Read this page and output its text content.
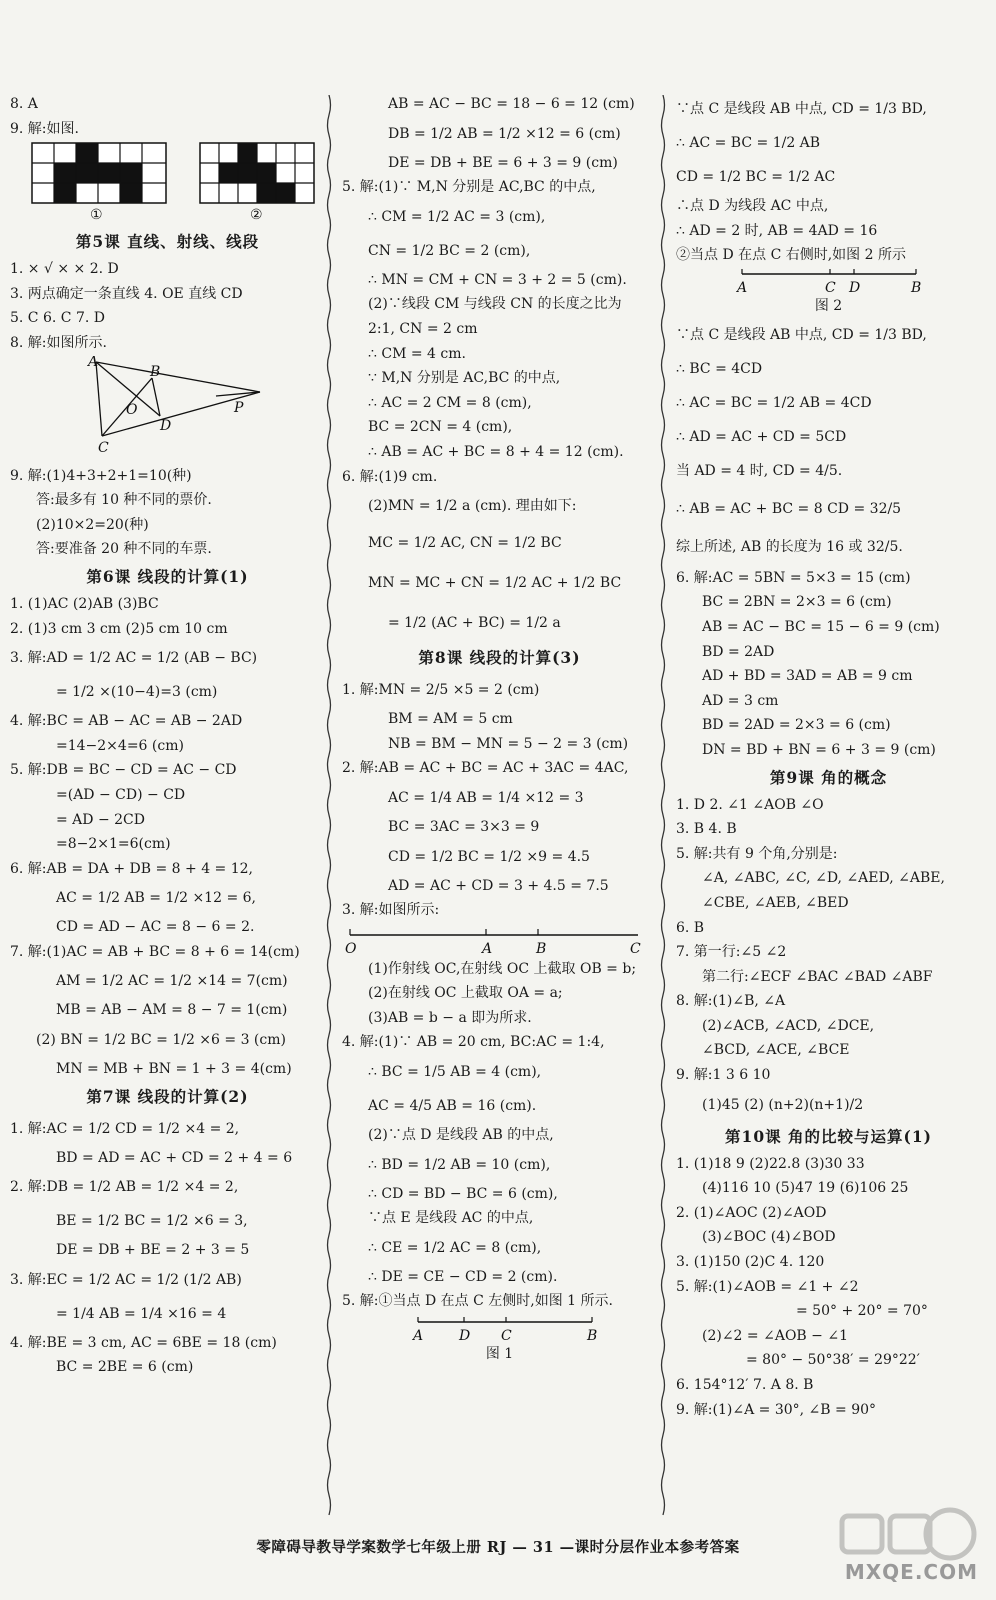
8. A
9. 解:如图.
①	②
第5课 直线、射线、线段
1. × √ × × 2. D
3. 两点确定一条直线 4. OE 直线 CD
5. C 6. C 7. D
8. 解:如图所示.
A
B
O
D
P
C
9. 解:(1)4+3+2+1=10(种)
答:最多有 10 种不同的票价.
(2)10×2=20(种)
答:要准备 20 种不同的车票.
第6课 线段的计算(1)
1. (1)AC (2)AB (3)BC
2. (1)3 cm 3 cm (2)5 cm 10 cm
3. 解:AD = 1/2 AC = 1/2 (AB − BC)
= 1/2 ×(10−4)=3 (cm)
4. 解:BC = AB − AC = AB − 2AD
=14−2×4=6 (cm)
5. 解:DB = BC − CD = AC − CD
=(AD − CD) − CD
= AD − 2CD
=8−2×1=6(cm)
6. 解:AB = DA + DB = 8 + 4 = 12,
AC = 1/2 AB = 1/2 ×12 = 6,
CD = AD − AC = 8 − 6 = 2.
7. 解:(1)AC = AB + BC = 8 + 6 = 14(cm)
AM = 1/2 AC = 1/2 ×14 = 7(cm)
MB = AB − AM = 8 − 7 = 1(cm)
(2) BN = 1/2 BC = 1/2 ×6 = 3 (cm)
MN = MB + BN = 1 + 3 = 4(cm)
第7课 线段的计算(2)
1. 解:AC = 1/2 CD = 1/2 ×4 = 2,
BD = AD = AC + CD = 2 + 4 = 6
2. 解:DB = 1/2 AB = 1/2 ×4 = 2,
BE = 1/2 BC = 1/2 ×6 = 3,
DE = DB + BE = 2 + 3 = 5
3. 解:EC = 1/2 AC = 1/2 (1/2 AB)
= 1/4 AB = 1/4 ×16 = 4
4. 解:BE = 3 cm, AC = 6BE = 18 (cm)
BC = 2BE = 6 (cm)
AB = AC − BC = 18 − 6 = 12 (cm)
DB = 1/2 AB = 1/2 ×12 = 6 (cm)
DE = DB + BE = 6 + 3 = 9 (cm)
5. 解:(1)∵ M,N 分别是 AC,BC 的中点,
∴ CM = 1/2 AC = 3 (cm),
CN = 1/2 BC = 2 (cm),
∴ MN = CM + CN = 3 + 2 = 5 (cm).
(2)∵线段 CM 与线段 CN 的长度之比为
2:1, CN = 2 cm
∴ CM = 4 cm.
∵ M,N 分别是 AC,BC 的中点,
∴ AC = 2 CM = 8 (cm),
BC = 2CN = 4 (cm),
∴ AB = AC + BC = 8 + 4 = 12 (cm).
6. 解:(1)9 cm.
(2)MN = 1/2 a (cm). 理由如下:
MC = 1/2 AC, CN = 1/2 BC
MN = MC + CN = 1/2 AC + 1/2 BC
= 1/2 (AC + BC) = 1/2 a
第8课 线段的计算(3)
1. 解:MN = 2/5 ×5 = 2 (cm)
BM = AM = 5 cm
NB = BM − MN = 5 − 2 = 3 (cm)
2. 解:AB = AC + BC = AC + 3AC = 4AC,
AC = 1/4 AB = 1/4 ×12 = 3
BC = 3AC = 3×3 = 9
CD = 1/2 BC = 1/2 ×9 = 4.5
AD = AC + CD = 3 + 4.5 = 7.5
3. 解:如图所示:
O	A	B	C
(1)作射线 OC,在射线 OC 上截取 OB = b;
(2)在射线 OC 上截取 OA = a;
(3)AB = b − a 即为所求.
4. 解:(1)∵ AB = 20 cm, BC:AC = 1:4,
∴ BC = 1/5 AB = 4 (cm),
AC = 4/5 AB = 16 (cm).
(2)∵点 D 是线段 AB 的中点,
∴ BD = 1/2 AB = 10 (cm),
∴ CD = BD − BC = 6 (cm),
∵点 E 是线段 AC 的中点,
∴ CE = 1/2 AC = 8 (cm),
∴ DE = CE − CD = 2 (cm).
5. 解:①当点 D 在点 C 左侧时,如图 1 所示.
A	D C	B
图 1
∵点 C 是线段 AB 中点, CD = 1/3 BD,
∴ AC = BC = 1/2 AB
CD = 1/2 BC = 1/2 AC
∴点 D 为线段 AC 中点,
∴ AD = 2 时, AB = 4AD = 16
②当点 D 在点 C 右侧时,如图 2 所示
A	C D	B
图 2
∵点 C 是线段 AB 中点, CD = 1/3 BD,
∴ BC = 4CD
∴ AC = BC = 1/2 AB = 4CD
∴ AD = AC + CD = 5CD
当 AD = 4 时, CD = 4/5.
∴ AB = AC + BC = 8 CD = 32/5
综上所述, AB 的长度为 16 或 32/5.
6. 解:AC = 5BN = 5×3 = 15 (cm)
BC = 2BN = 2×3 = 6 (cm)
AB = AC − BC = 15 − 6 = 9 (cm)
BD = 2AD
AD + BD = 3AD = AB = 9 cm
AD = 3 cm
BD = 2AD = 2×3 = 6 (cm)
DN = BD + BN = 6 + 3 = 9 (cm)
第9课 角的概念
1. D 2. ∠1 ∠AOB ∠O
3. B 4. B
5. 解:共有 9 个角,分别是:
∠A, ∠ABC, ∠C, ∠D, ∠AED, ∠ABE,
∠CBE, ∠AEB, ∠BED
6. B
7. 第一行:∠5 ∠2
第二行:∠ECF ∠BAC ∠BAD ∠ABF
8. 解:(1)∠B, ∠A
(2)∠ACB, ∠ACD, ∠DCE,
∠BCD, ∠ACE, ∠BCE
9. 解:1 3 6 10
(1)45 (2) (n+2)(n+1)/2
第10课 角的比较与运算(1)
1. (1)18 9 (2)22.8 (3)30 33
(4)116 10 (5)47 19 (6)106 25
2. (1)∠AOC (2)∠AOD
(3)∠BOC (4)∠BOD
3. (1)150 (2)C 4. 120
5. 解:(1)∠AOB = ∠1 + ∠2
= 50° + 20° = 70°
(2)∠2 = ∠AOB − ∠1
= 80° − 50°38′ = 29°22′
6. 154°12′ 7. A 8. B
9. 解:(1)∠A = 30°, ∠B = 90°
零障碍导教导学案数学七年级上册 RJ — 31 —课时分层作业本参考答案
MXQE.COM
